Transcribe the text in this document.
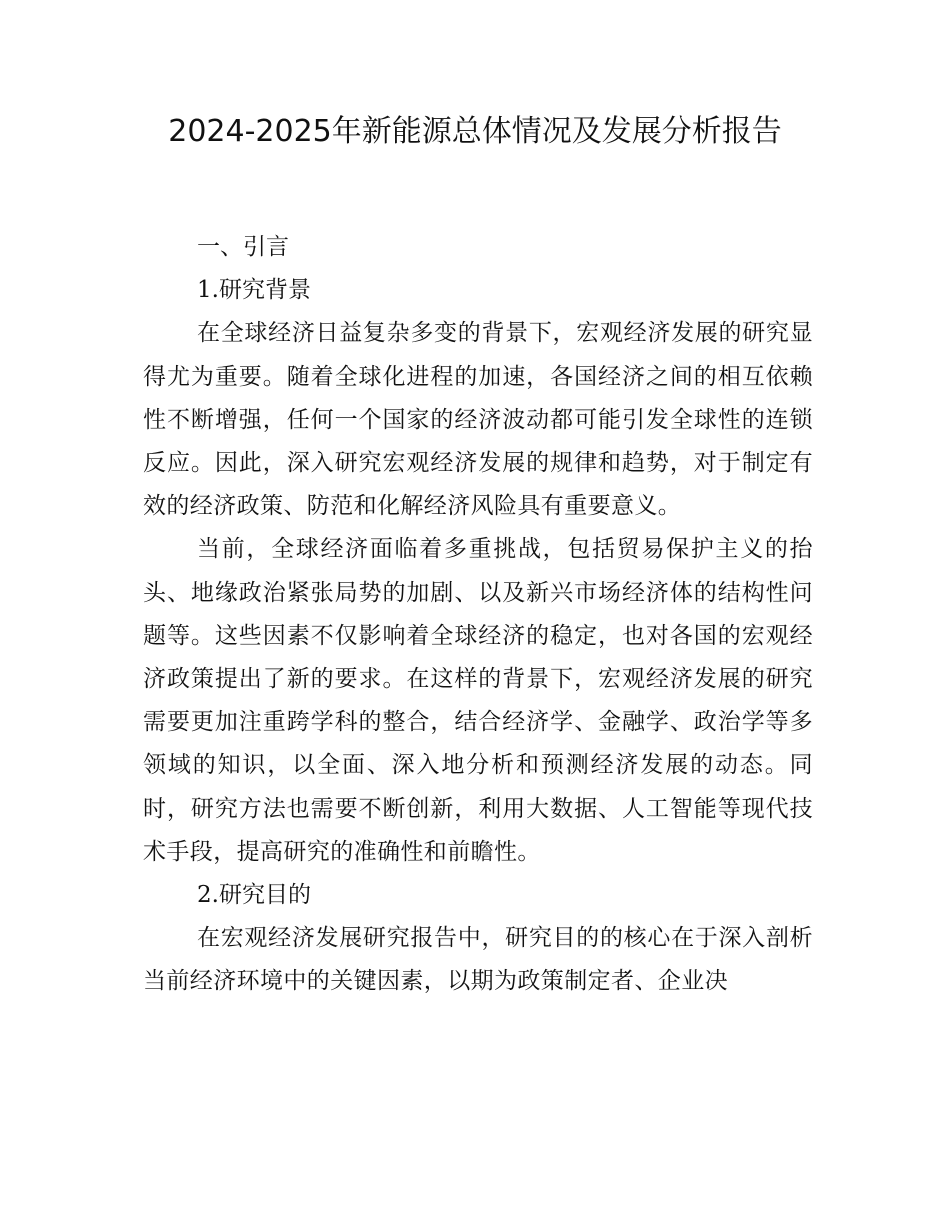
2024-2025年新能源总体情况及发展分析报告

一、引言

1.研究背景

在全球经济日益复杂多变的背景下，宏观经济发展的研究显得尤为重要。随着全球化进程的加速，各国经济之间的相互依赖性不断增强，任何一个国家的经济波动都可能引发全球性的连锁反应。因此，深入研究宏观经济发展的规律和趋势，对于制定有效的经济政策、防范和化解经济风险具有重要意义。

当前，全球经济面临着多重挑战，包括贸易保护主义的抬头、地缘政治紧张局势的加剧、以及新兴市场经济体的结构性问题等。这些因素不仅影响着全球经济的稳定，也对各国的宏观经济政策提出了新的要求。在这样的背景下，宏观经济发展的研究需要更加注重跨学科的整合，结合经济学、金融学、政治学等多领域的知识，以全面、深入地分析和预测经济发展的动态。同时，研究方法也需要不断创新，利用大数据、人工智能等现代技术手段，提高研究的准确性和前瞻性。

2.研究目的

在宏观经济发展研究报告中，研究目的的核心在于深入剖析当前经济环境中的关键因素，以期为政策制定者、企业决
